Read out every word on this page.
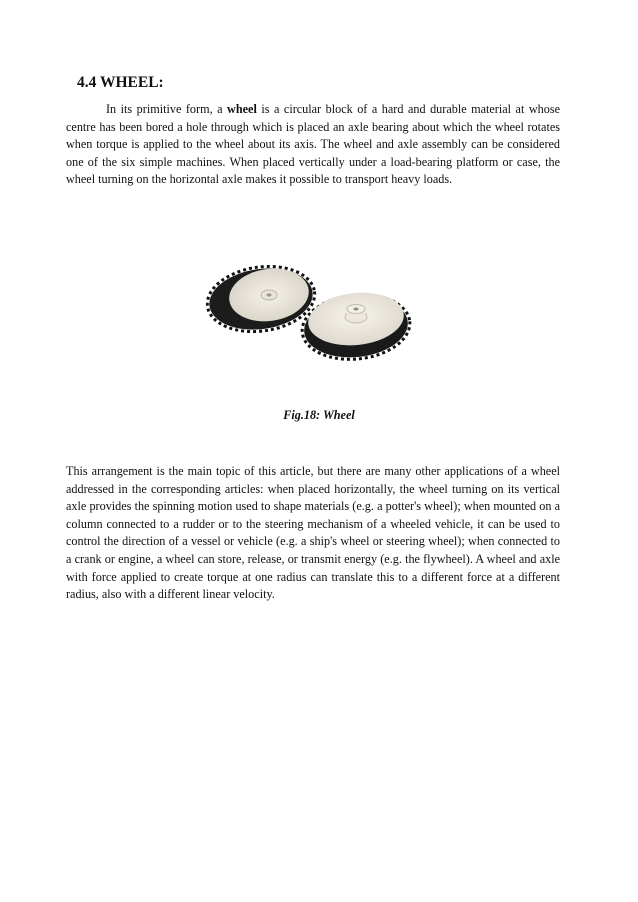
4.4 WHEEL:

In its primitive form, a wheel is a circular block of a hard and durable material at whose centre has been bored a hole through which is placed an axle bearing about which the wheel rotates when torque is applied to the wheel about its axis. The wheel and axle assembly can be considered one of the six simple machines. When placed vertically under a load-bearing platform or case, the wheel turning on the horizontal axle makes it possible to transport heavy loads.

Fig.18: Wheel

This arrangement is the main topic of this article, but there are many other applications of a wheel addressed in the corresponding articles: when placed horizontally, the wheel turning on its vertical axle provides the spinning motion used to shape materials (e.g. a potter's wheel); when mounted on a column connected to a rudder or to the steering mechanism of a wheeled vehicle, it can be used to control the direction of a vessel or vehicle (e.g. a ship's wheel or steering wheel); when connected to a crank or engine, a wheel can store, release, or transmit energy (e.g. the flywheel). A wheel and axle with force applied to create torque at one radius can translate this to a different force at a different radius, also with a different linear velocity.
